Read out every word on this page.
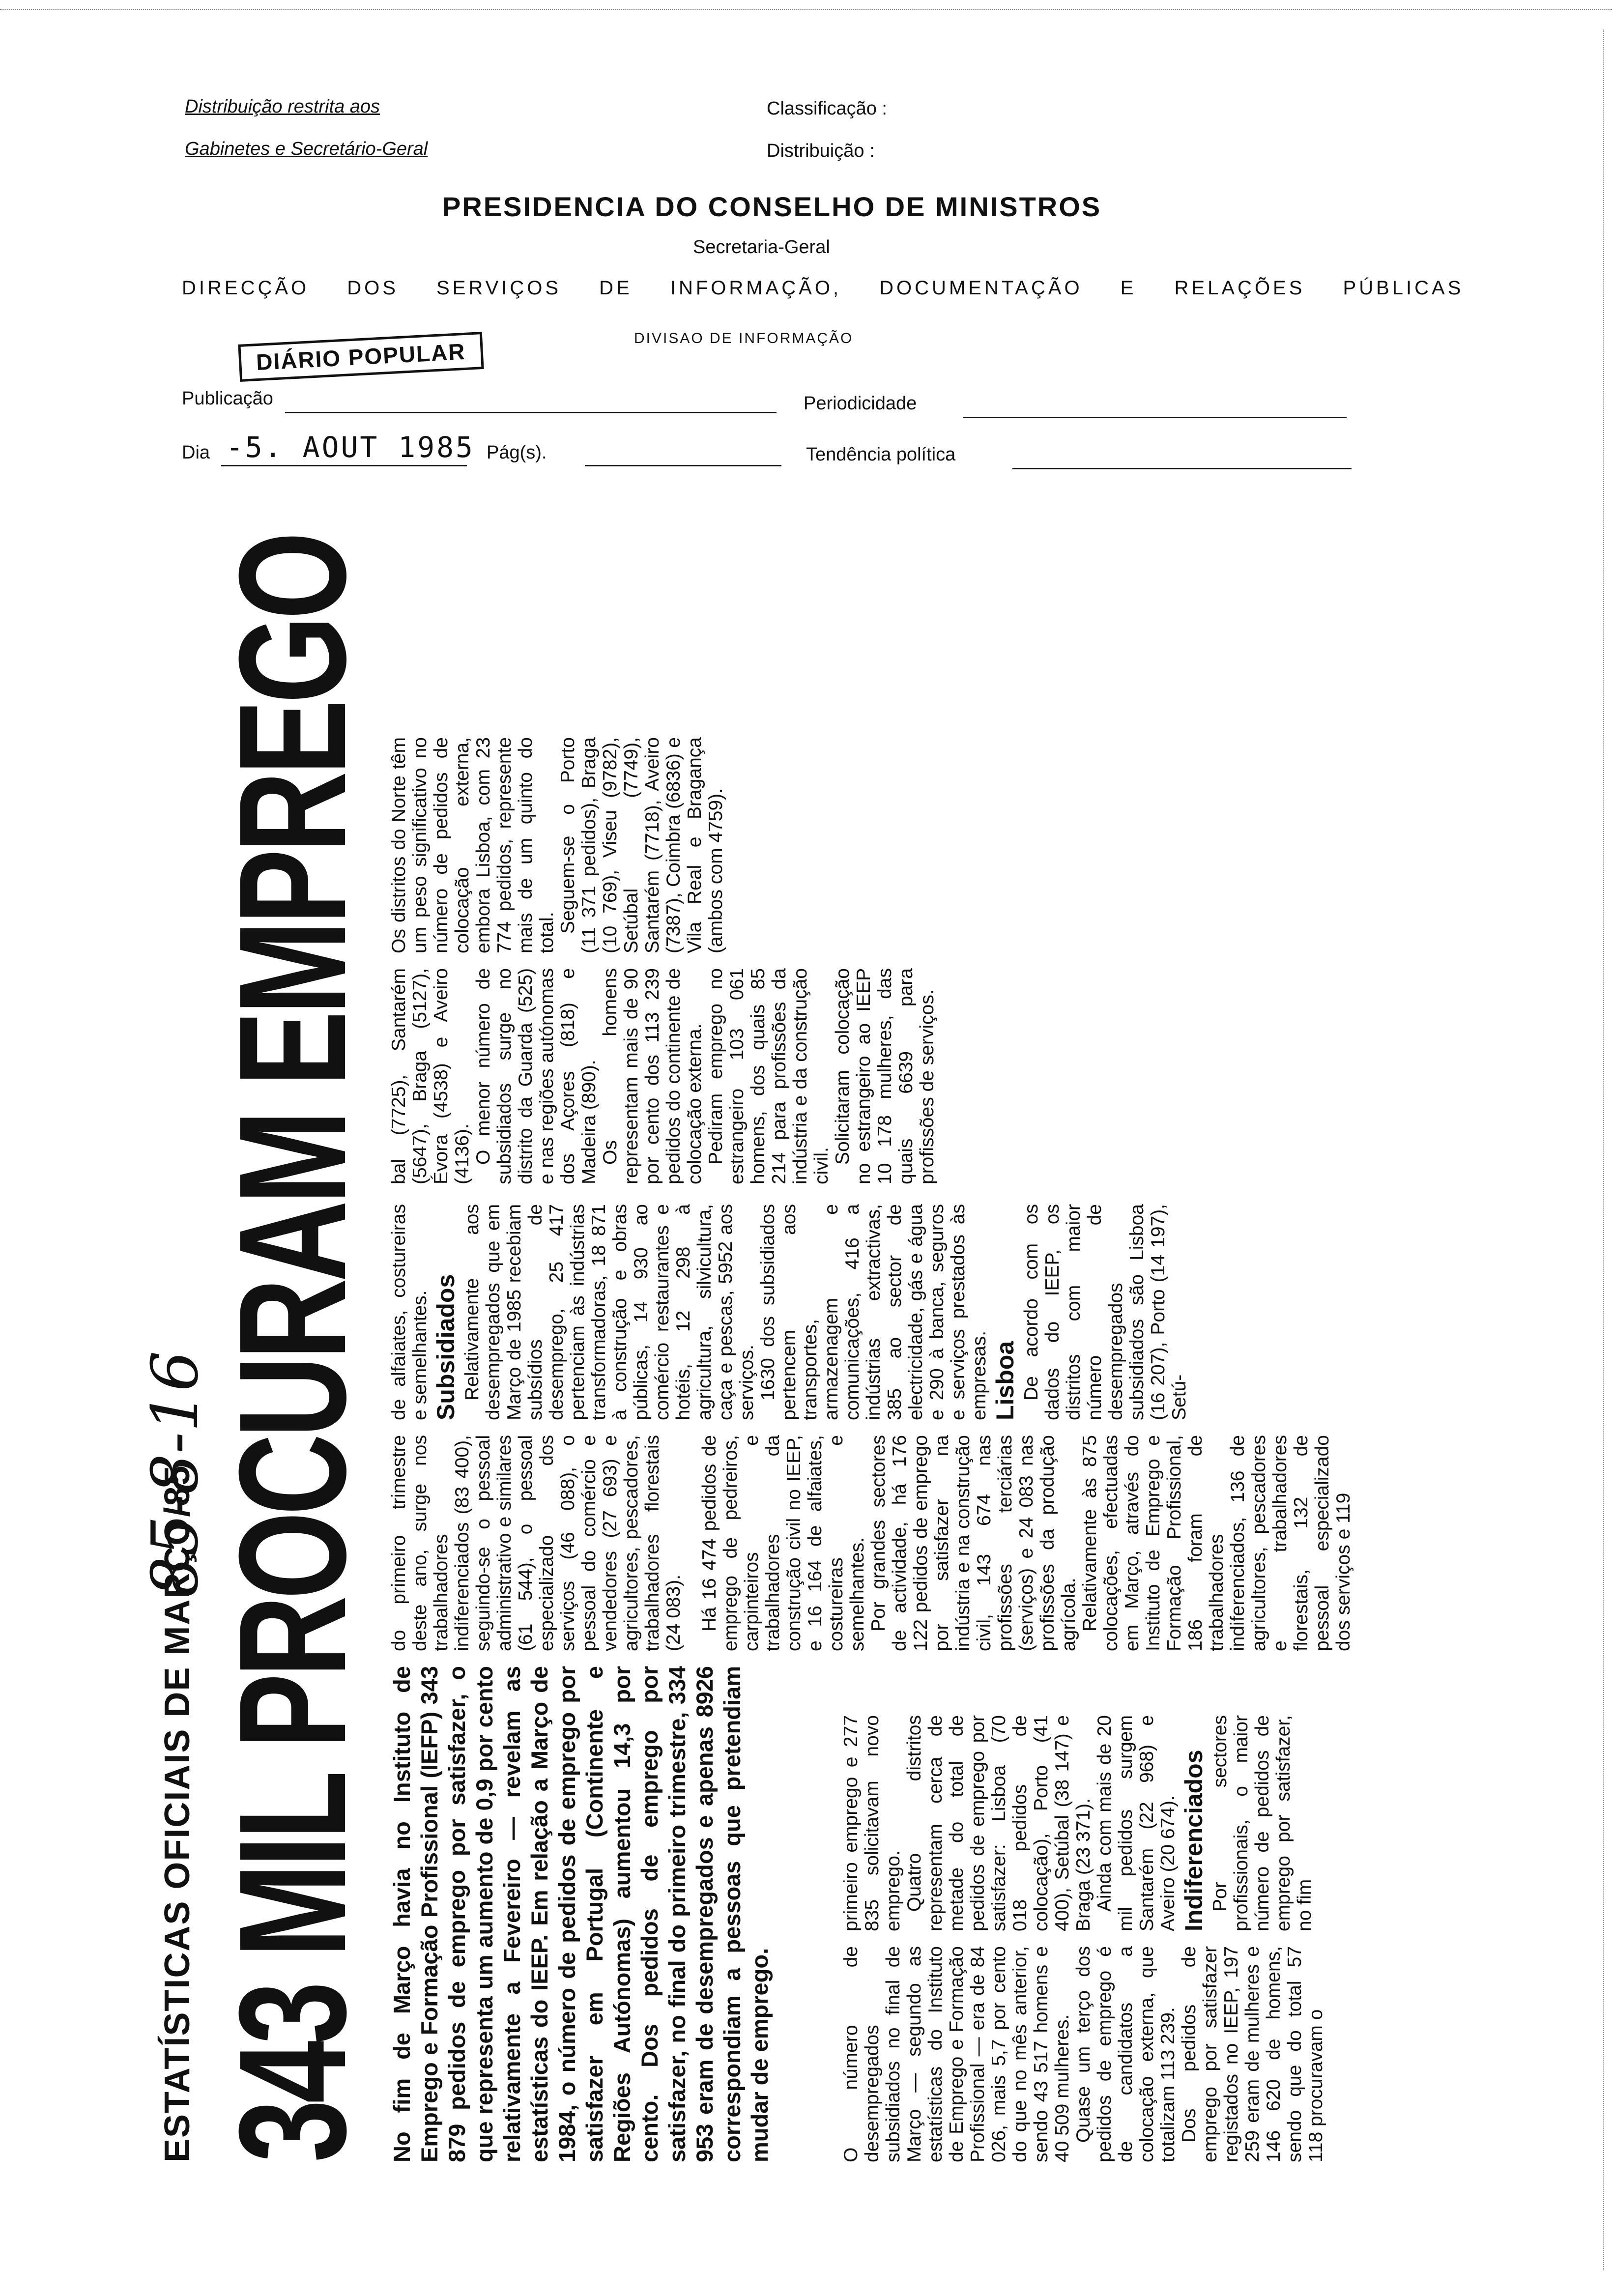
Distribuição restrita aos
Gabinetes e Secretário-Geral
Classificação :
Distribuição :
PRESIDENCIA DO CONSELHO DE MINISTROS
Secretaria-Geral
DIRECÇÃO DOS SERVIÇOS DE INFORMAÇÃO, DOCUMENTAÇÃO E RELAÇÕES PÚBLICAS
DIVISAO DE INFORMAÇÃO
DIÁRIO POPULAR
Publicação	Periodicidade
Dia -5. AOUT 1985 Pág(s).	Tendência política
ESTATÍSTICAS OFICIAIS DE MARÇO/85
85-8-16
343 MIL PROCURAM EMPREGO No fim de Março havia no Instituto de Emprego e Formação Profissional (IEFP) 343 879 pedidos de emprego por satisfazer, o que representa um aumento de 0,9 por cento relativamente a Fevereiro — revelam as estatísticas do IEEP. Em relação a Março de 1984, o número de pedidos de emprego por satisfazer em Portugal (Continente e Regiões Autónomas) aumentou 14,3 por cento. Dos pedidos de emprego por satisfazer, no final do primeiro trimestre, 334 953 eram de desempregados e apenas 8926 correspondiam a pessoas que pretendiam mudar de emprego.	O número de desempregados subsidiados no final de Março — segundo as estatísticas do Instituto de Emprego e Formação Profissional — era de 84 026, mais 5,7 por cento do que no mês anterior, sendo 43 517 homens e 40 509 mulheres. Quase um terço dos pedidos de emprego é de candidatos a colocação externa, que totalizam 113 239. Dos pedidos de emprego por satisfazer registados no IEEP, 197 259 eram de mulheres e 146 620 de homens, sendo que do total 57 118 procuravam o

primeiro emprego e 277 835 solicitavam novo emprego. Quatro distritos representam cerca de metade do total de pedidos de emprego por satisfazer: Lisboa (70 018 pedidos de colocação), Porto (41 400), Setúbal (38 147) e Braga (23 371). Ainda com mais de 20 mil pedidos surgem Santarém (22 968) e Aveiro (20 674). Indiferenciados Por sectores profissionais, o maior número de pedidos de emprego por satisfazer, no fim

do primeiro trimestre deste ano, surge nos trabalhadores indiferenciados (83 400), seguindo-se o pessoal administrativo e similares (61 544), o pessoal especializado dos serviços (46 088), o pessoal do comércio e vendedores (27 693) e agricultores, pescadores, trabalhadores florestais (24 083). Há 16 474 pedidos de emprego de pedreiros, carpinteiros e trabalhadores da construção civil no IEEP, e 16 164 de alfaiates, costureiras e semelhantes. Por grandes sectores de actividade, há 176 122 pedidos de emprego por satisfazer na indústria e na construção civil, 143 674 nas profissões terciárias (serviços) e 24 083 nas profissões da produção agrícola. Relativamente às 875 colocações, efectuadas em Março, através do Instituto de Emprego e Formação Profissional, 186 foram de trabalhadores indiferenciados, 136 de agricultores, pescadores e trabalhadores florestais, 132 de pessoal especializado dos serviços e 119

de alfaiates, costureiras e semelhantes. Subsidiados Relativamente aos desempregados que em Março de 1985 recebiam subsídios de desemprego, 25 417 pertenciam às indústrias transformadoras, 18 871 à construção e obras públicas, 14 930 ao comércio restaurantes e hotéis, 12 298 à agricultura, silvicultura, caça e pescas, 5952 aos serviços. 1630 dos subsidiados pertencem aos transportes, armazenagem e comunicações, 416 a indústrias extractivas, 385 ao sector de electricidade, gás e água e 290 à banca, seguros e serviços prestados às empresas. Lisboa De acordo com os dados do IEEP, os distritos com maior número de desempregados subsidiados são Lisboa (16 207), Porto (14 197), Setú-

bal (7725), Santarém (5647), Braga (5127), Évora (4538) e Aveiro (4136). O menor número de subsidiados surge no distrito da Guarda (525) e nas regiões autónomas dos Açores (818) e Madeira (890). Os homens representam mais de 90 por cento dos 113 239 pedidos do continente de colocação externa. Pediram emprego no estrangeiro 103 061 homens, dos quais 85 214 para profissões da indústria e da construção civil.

Solicitaram colocação no estrangeiro ao IEEP 10 178 mulheres, das quais 6639 para profissões de serviços.

Os distritos do Norte têm um peso significativo no número de pedidos de colocação externa, embora Lisboa, com 23 774 pedidos, represente mais de um quinto do total. Seguem-se o Porto (11 371 pedidos), Braga (10 769), Viseu (9782), Setúbal (7749), Santarém (7718), Aveiro (7387), Coimbra (6836) e Vila Real e Bragança (ambos com 4759).
